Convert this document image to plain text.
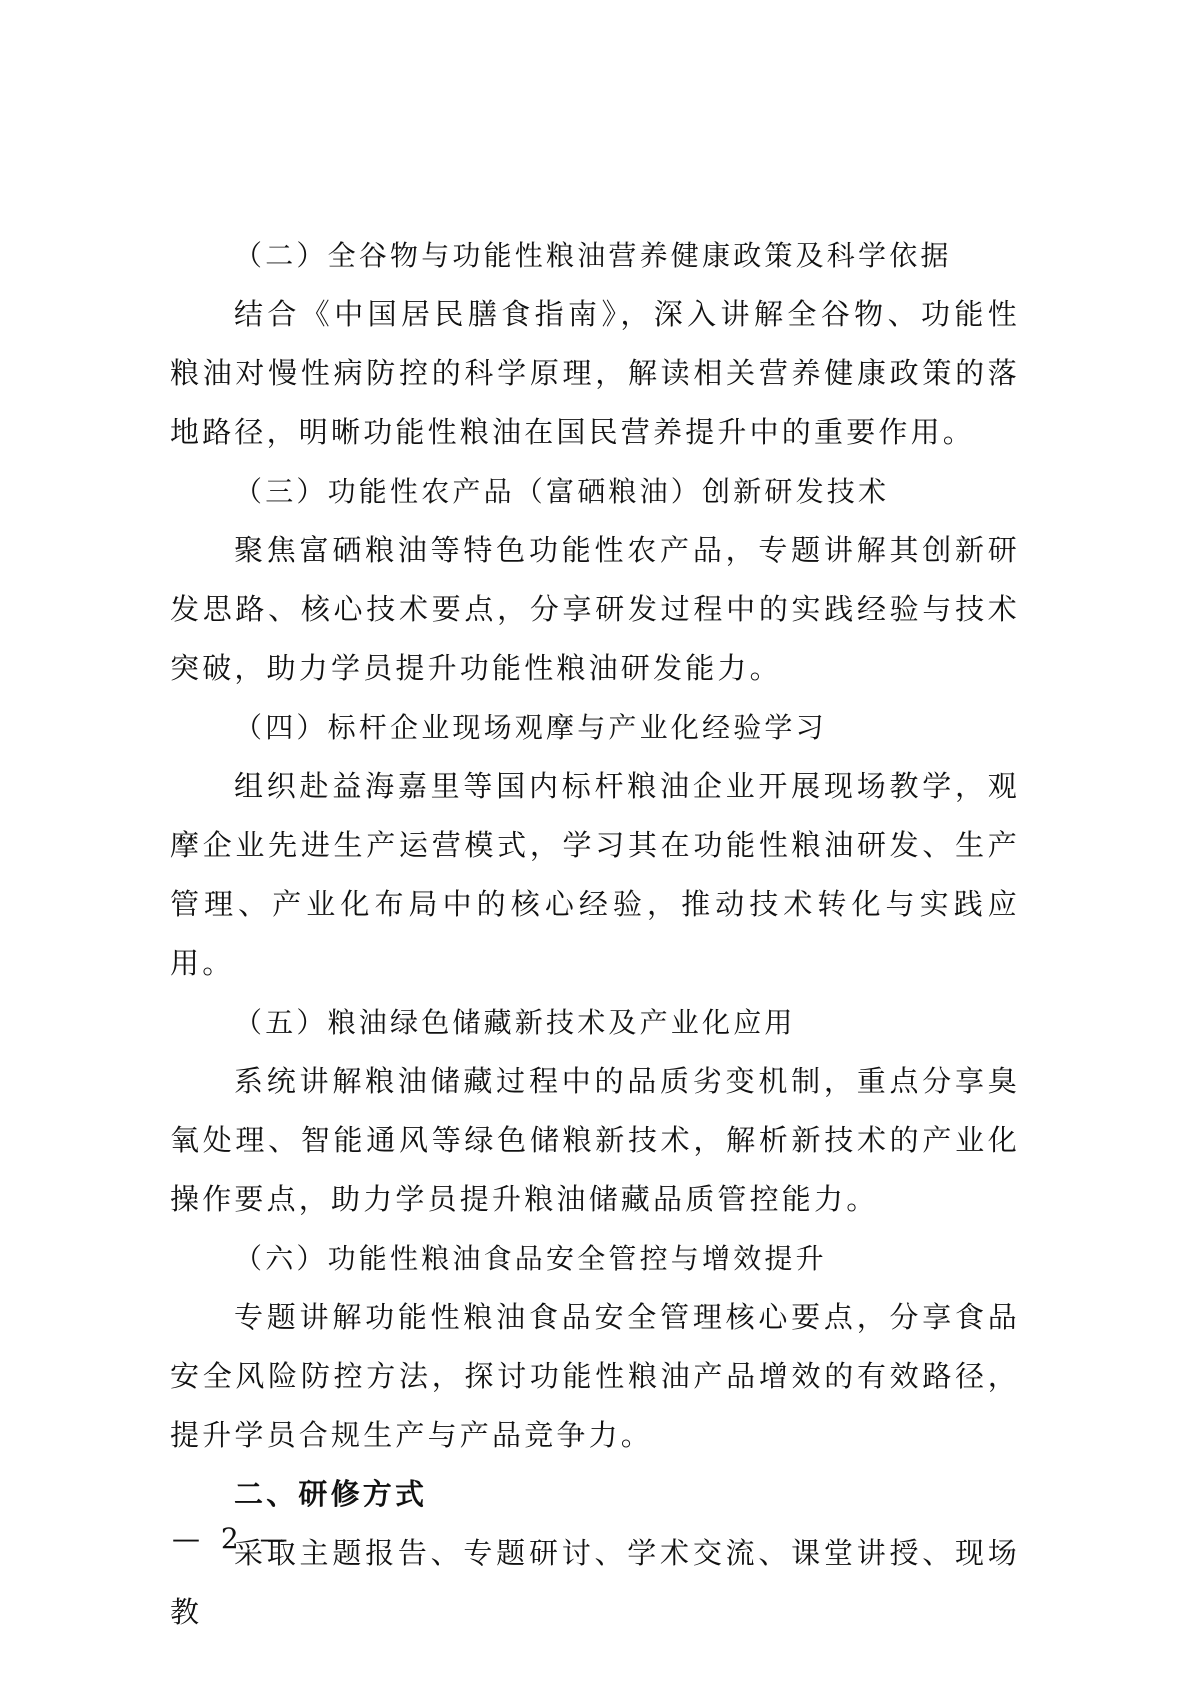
（二）全谷物与功能性粮油营养健康政策及科学依据

结合《中国居民膳食指南》，深入讲解全谷物、功能性粮油对慢性病防控的科学原理，解读相关营养健康政策的落地路径，明晰功能性粮油在国民营养提升中的重要作用。

（三）功能性农产品（富硒粮油）创新研发技术

聚焦富硒粮油等特色功能性农产品，专题讲解其创新研发思路、核心技术要点，分享研发过程中的实践经验与技术突破，助力学员提升功能性粮油研发能力。

（四）标杆企业现场观摩与产业化经验学习

组织赴益海嘉里等国内标杆粮油企业开展现场教学，观摩企业先进生产运营模式，学习其在功能性粮油研发、生产管理、产业化布局中的核心经验，推动技术转化与实践应用。

（五）粮油绿色储藏新技术及产业化应用

系统讲解粮油储藏过程中的品质劣变机制，重点分享臭氧处理、智能通风等绿色储粮新技术，解析新技术的产业化操作要点，助力学员提升粮油储藏品质管控能力。

（六）功能性粮油食品安全管控与增效提升

专题讲解功能性粮油食品安全管理核心要点，分享食品安全风险防控方法，探讨功能性粮油产品增效的有效路径，提升学员合规生产与产品竞争力。

二、研修方式

采取主题报告、专题研讨、学术交流、课堂讲授、现场教

— 2 —
